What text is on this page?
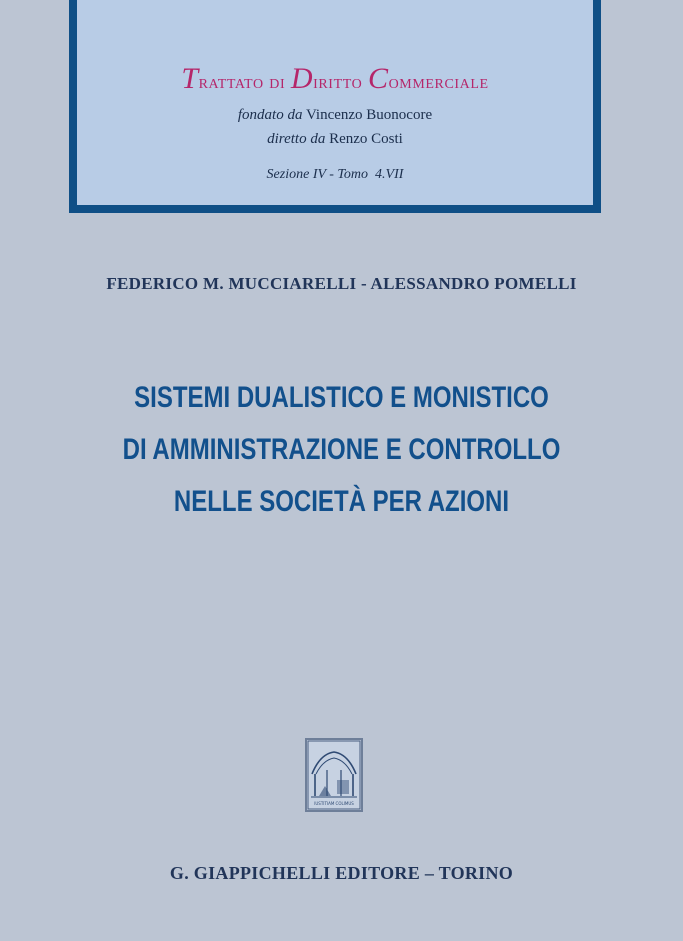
Trattato di Diritto Commerciale
fondato da Vincenzo Buonocore
diretto da Renzo Costi
Sezione IV - Tomo  4.VII
FEDERICO M. MUCCIARELLI - ALESSANDRO POMELLI
SISTEMI DUALISTICO E MONISTICO
DI AMMINISTRAZIONE E CONTROLLO
NELLE SOCIETÀ PER AZIONI
IUSTITIAM COLIMUS
G. GIAPPICHELLI EDITORE – TORINO
